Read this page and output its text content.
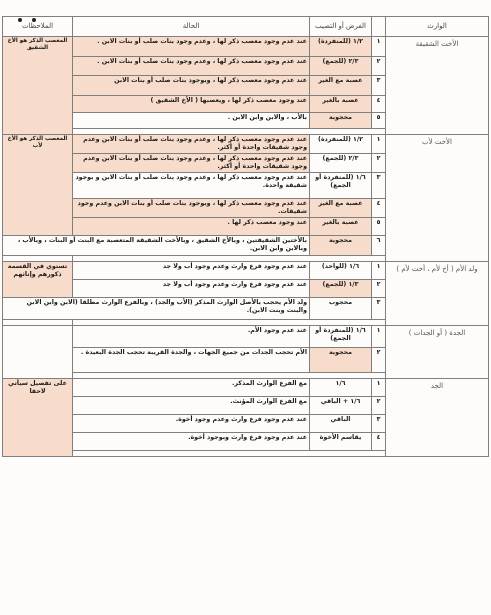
الوارث		الفرض أو التصيب	الحالة	الملاحظات
الأخت الشقيقة	١	١/٢ (للمنفردة)	عند عدم وجود معصب ذكر لها ، وعدم وجود بنات صلب أو بنات الابن .	المعصب الذكر هو الأخ الشقيق
	٢	٢/٣ (للجمع)	عند عدم وجود معصب ذكر لها ، وعدم وجود بنات صلب أو بنات الابن .	
	٣	عصبة مع الغير	عند عدم وجود معصب ذكر لها ، وبوجود بنات صلب أو بنات الابن	
	٤	عصبة بالغير	عند وجود معصب ذكر لها ، ويعصبها ( الأخ الشقيق )	
	٥	محجوبة	بالأب ، والابن وابن الابن .	

الأخت لأب	١	١/٢ (للمنفردة)	عند عدم وجود معصب ذكر لها ، وعدم وجود بنات صلب أو بنات الابن وعدم وجود شقيقات واحدة أو أكثر.	المعصب الذكر هو الأخ لأب
	٢	٢/٣ (للجمع)	عند عدم وجود معصب ذكر لها ، وعدم وجود بنات صلب أو بنات الابن وعدم وجود شقيقات واحدة أو أكثر.	
	٣	١/٦ (للمنفردة أو الجمع)	عند عدم وجود معصب ذكر لها ، وعدم وجود بنات صلب أو بنات الابن و بوجود شقيقة واحدة.	
	٤	عصبة مع الغير	عند عدم وجود معصب ذكر لها ، وبوجود بنات صلب أو بنات الابن وعدم وجود شقيقات.	
	٥	عصبة بالغير	عند وجود معصب ذكر لها .	
	٦	محجوبة	بالأختين الشقيقتين ، وبالأخ الشقيق ، وبالأخت الشقيقة المتعصبة مع البنت أو البنات ، وبالأب ، وبالابن وابن الابن.	

ولد الأم ( أخ لأم ، أخت لأم )	١	١/٦ (للواحد)	عند عدم وجود فرع وارث وعدم وجود أب ولا جد	تستوي في القسمة ذكورهم وإناثهم
	٢	١/٣ (للجمع)	عند عدم وجود فرع وارث وعدم وجود أب ولا جد	
	٣	محجوب	ولد الأم يحجب بالأصل الوارث المذكر (الأب والجد) ، وبالفرع الوارث مطلقا (الابن وابن الابن والبنت وبنت الابن).	

الجدة ( أو الجدات )	١	١/٦ (للمنفردة أو الجمع)	عند عدم وجود الأم.	
	٢	محجوبة	الأم تحجب الجدات من جميع الجهات ، والجدة القريبة تحجب الجدة البعيدة .	

الجد	١	١/٦	مع الفرع الوارث المذكر.	على تفصيل سيأتي لاحقا
	٢	١/٦ + الباقي	مع الفرع الوارث المؤنث.	
	٣	الباقي	عند عدم وجود فرع وارث وعدم وجود أخوة.	
	٤	يقاسم الأخوة	عند عدم وجود فرع وارث وبوجود أخوة.	
